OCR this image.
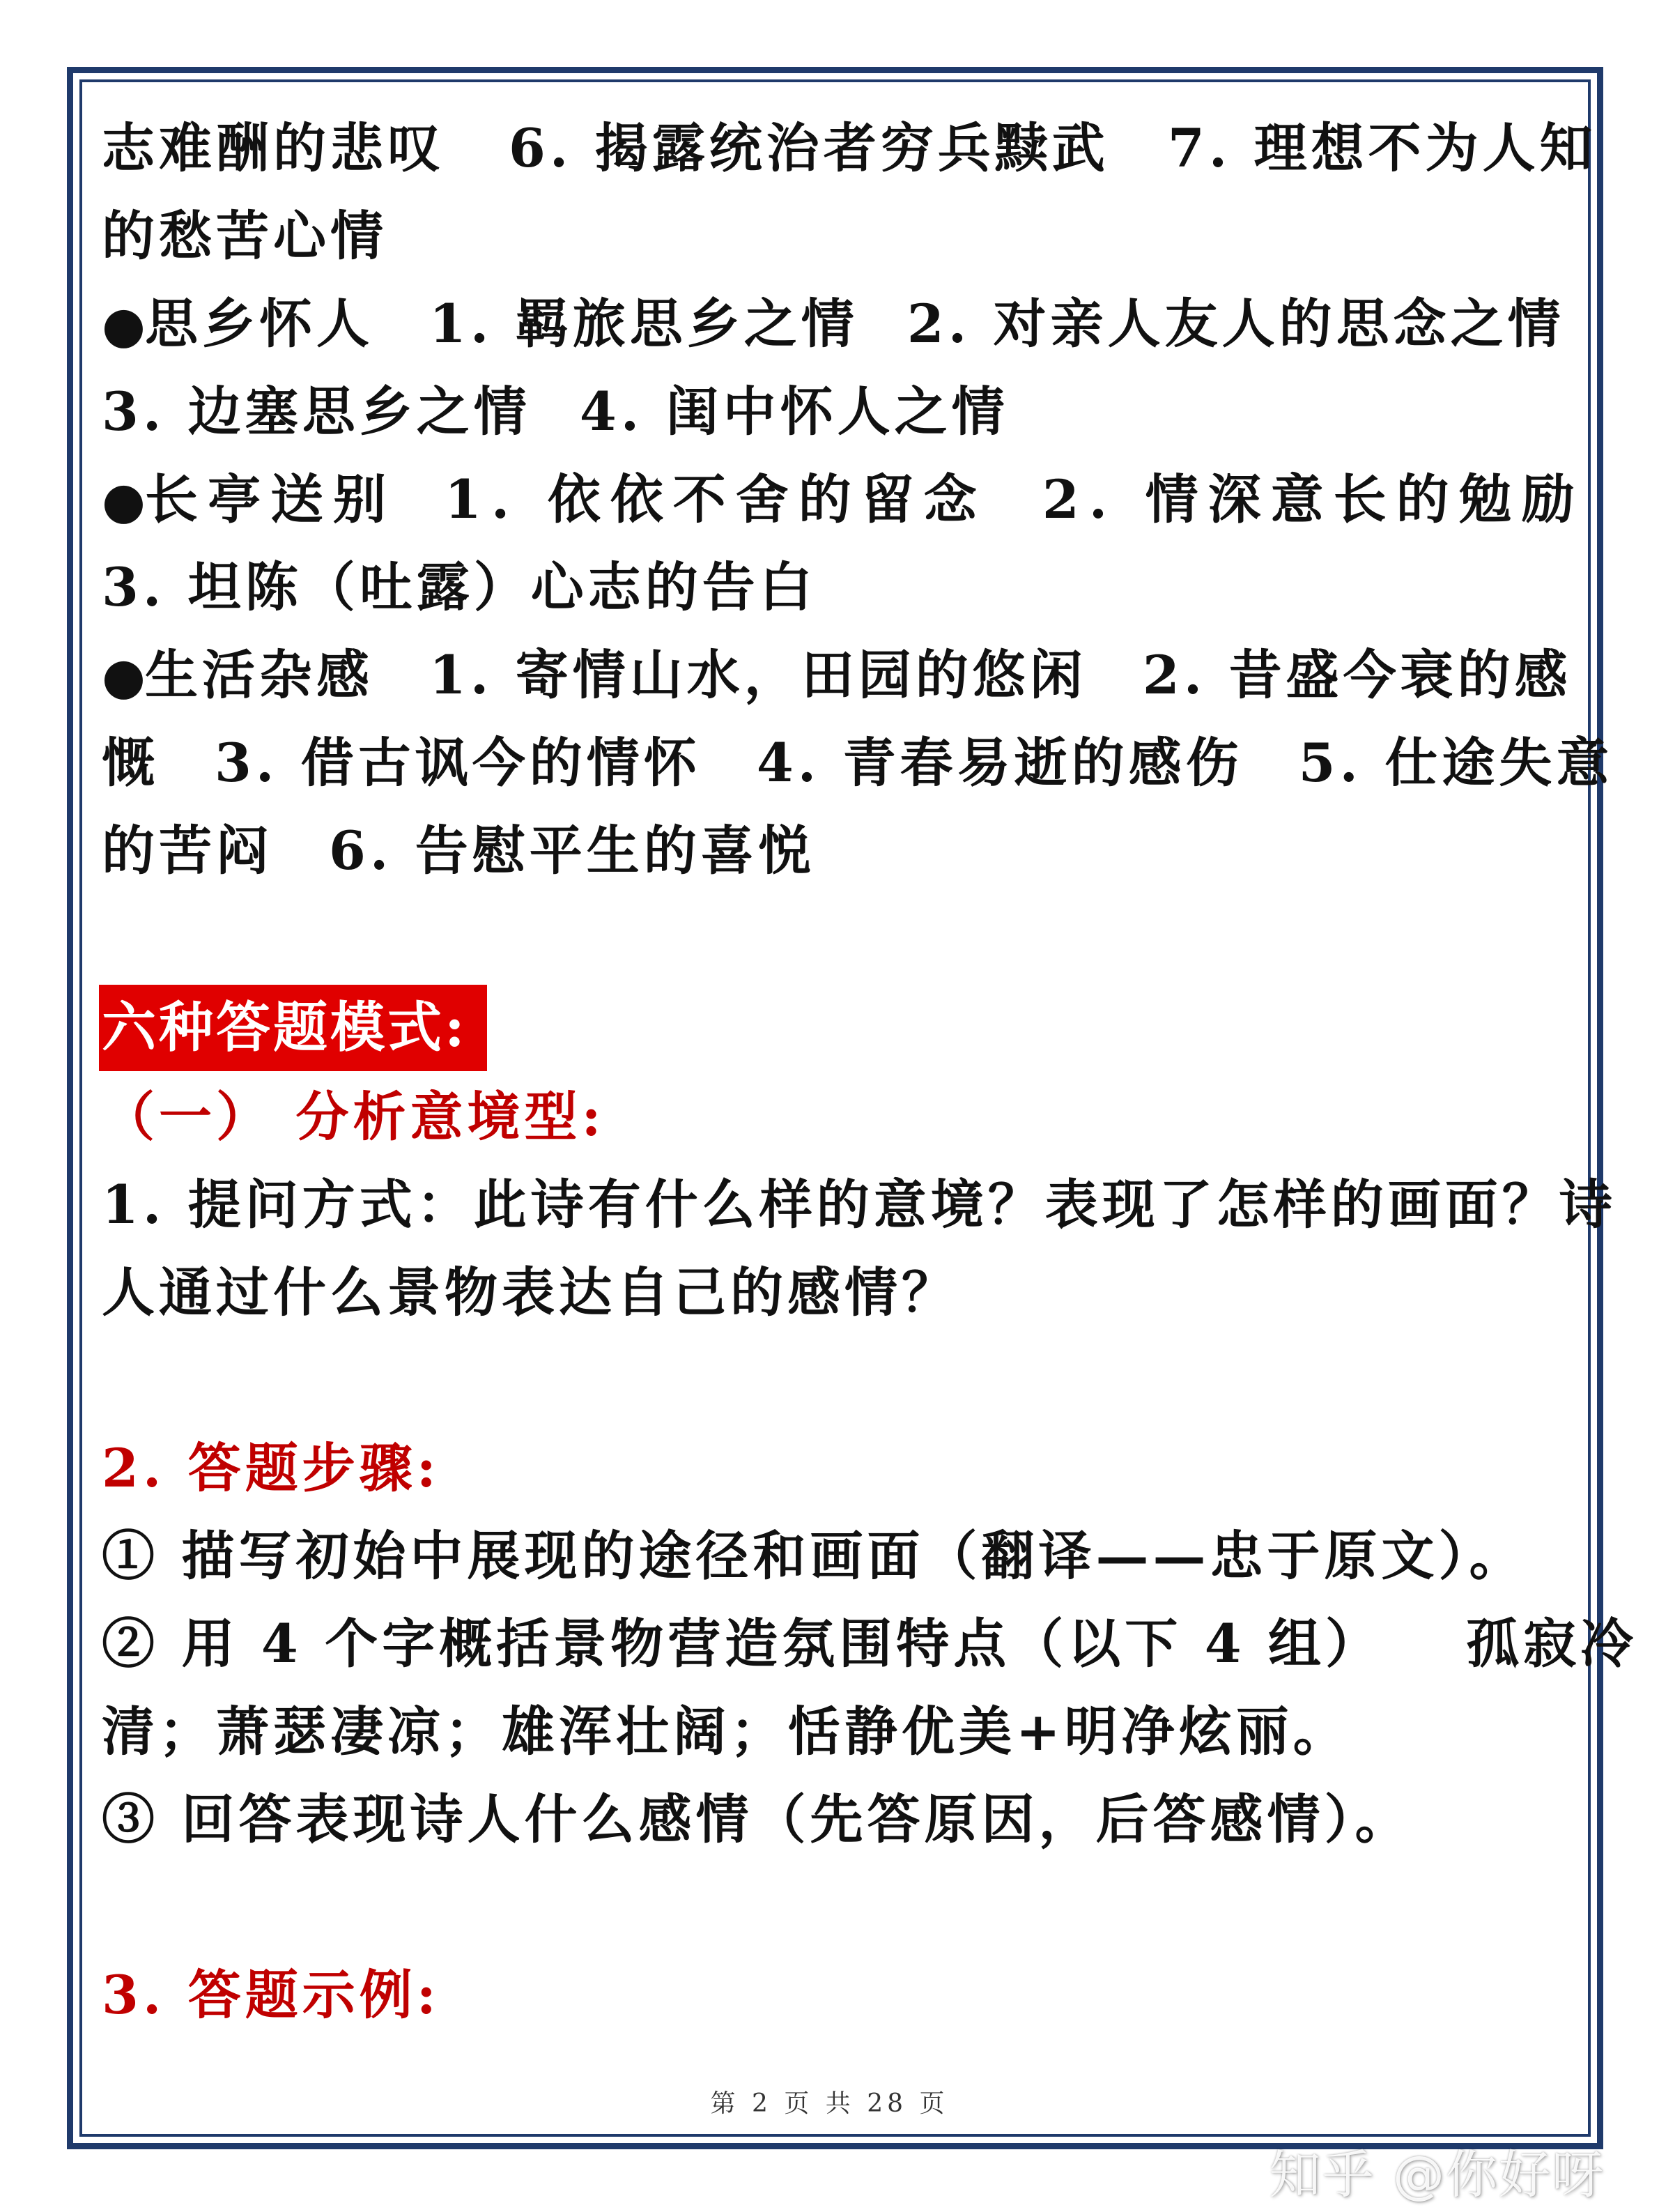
志难酬的悲叹 6. 揭露统治者穷兵黩武 7. 理想不为人知
的愁苦心情
●思乡怀人 1. 羁旅思乡之情 2. 对亲人友人的思念之情
3. 边塞思乡之情 4. 闺中怀人之情
●长亭送别 1. 依依不舍的留念 2. 情深意长的勉励
3. 坦陈（吐露）心志的告白
●生活杂感 1. 寄情山水，田园的悠闲 2. 昔盛今衰的感
慨 3. 借古讽今的情怀 4. 青春易逝的感伤 5. 仕途失意
的苦闷 6. 告慰平生的喜悦
六种答题模式:
（一） 分析意境型:
1. 提问方式：此诗有什么样的意境？表现了怎样的画面？诗
人通过什么景物表达自己的感情？
2. 答题步骤:
① 描写初始中展现的途径和画面（翻译——忠于原文）。
② 用 4 个字概括景物营造氛围特点（以下 4 组） 孤寂冷
清；萧瑟凄凉；雄浑壮阔；恬静优美+明净炫丽。
③ 回答表现诗人什么感情（先答原因，后答感情）。
3. 答题示例:
第 2 页 共 28 页
知乎 @你好呀
